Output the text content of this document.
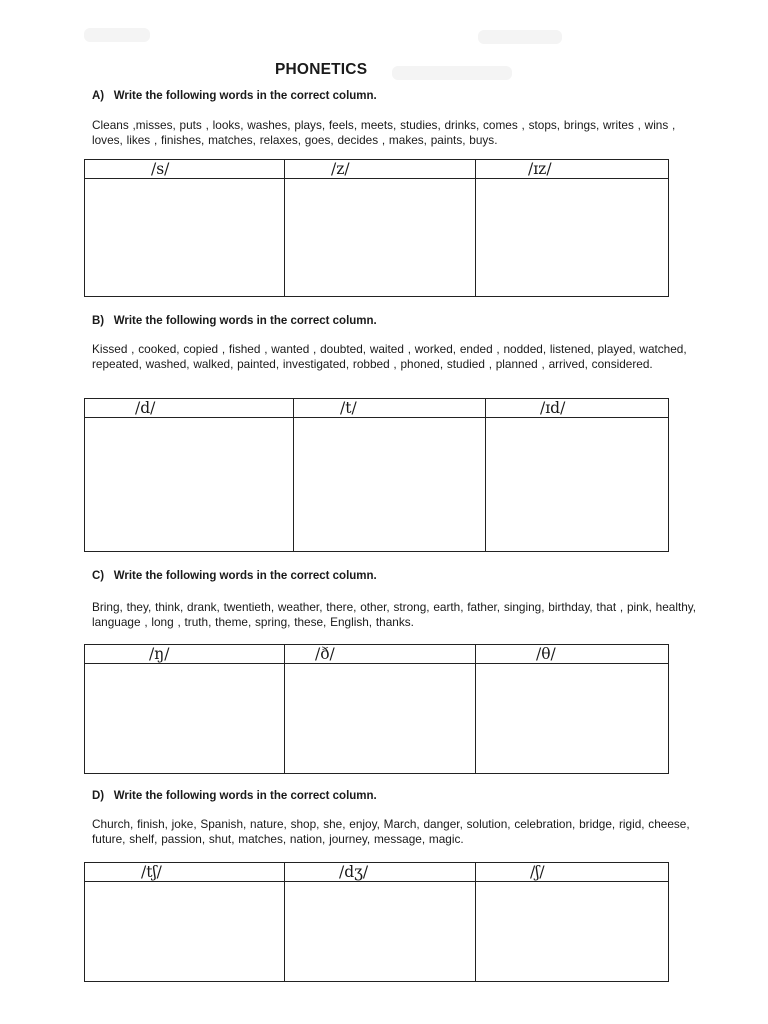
PHONETICS
A)   Write the following words in the correct column.
Cleans ,misses, puts , looks, washes, plays, feels, meets, studies, drinks, comes , stops, brings, writes , wins , loves, likes , finishes, matches, relaxes, goes, decides , makes, paints, buys.
/s/	/z/	/ɪz/

B)   Write the following words in the correct column.
Kissed , cooked, copied , fished , wanted , doubted, waited , worked, ended , nodded, listened, played, watched, repeated, washed, walked, painted, investigated, robbed , phoned, studied , planned , arrived, considered.
/d/	/t/	/ɪd/

C)   Write the following words in the correct column.
Bring, they, think, drank, twentieth, weather, there, other, strong, earth, father, singing, birthday, that , pink, healthy, language , long , truth, theme, spring, these, English, thanks.
/ŋ/	/ð/	/θ/

D)   Write the following words in the correct column.
Church, finish, joke, Spanish, nature, shop, she, enjoy, March, danger, solution, celebration, bridge, rigid, cheese, future, shelf, passion, shut, matches, nation, journey, message, magic.
/tʃ/	/dʒ/	/ʃ/
